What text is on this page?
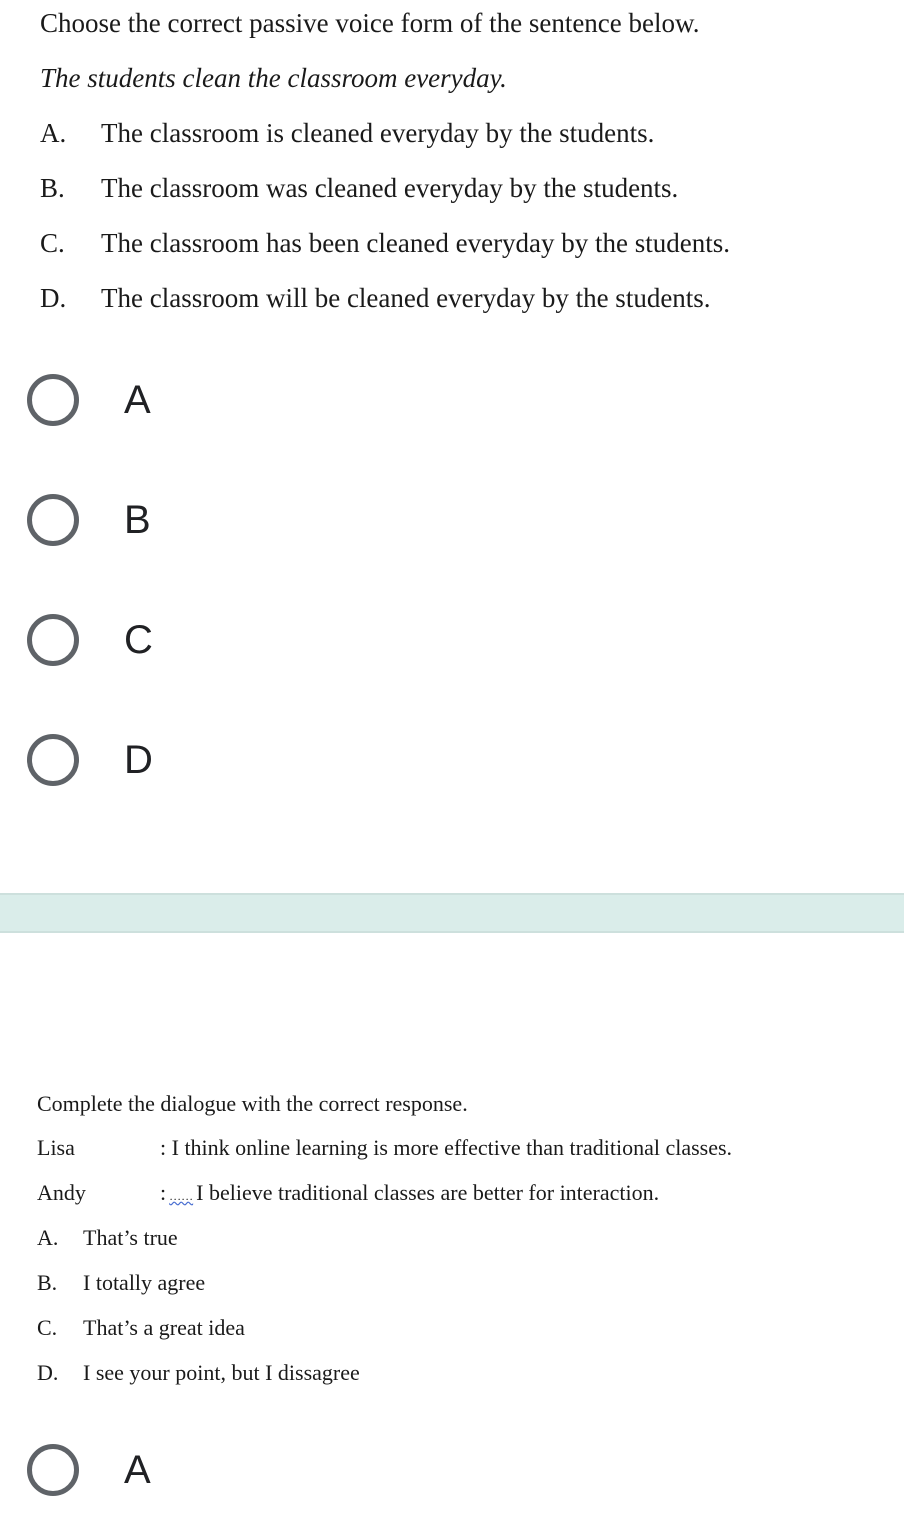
Choose the correct passive voice form of the sentence below.
The students clean the classroom everyday.
A. The classroom is cleaned everyday by the students.
B. The classroom was cleaned everyday by the students.
C. The classroom has been cleaned everyday by the students.
D. The classroom will be cleaned everyday by the students.
A
B
C
D
Complete the dialogue with the correct response.
Lisa	: I think online learning is more effective than traditional classes.
Andy	: …… I believe traditional classes are better for interaction.
A. That’s true
B. I totally agree
C. That’s a great idea
D. I see your point, but I dissagree
A
